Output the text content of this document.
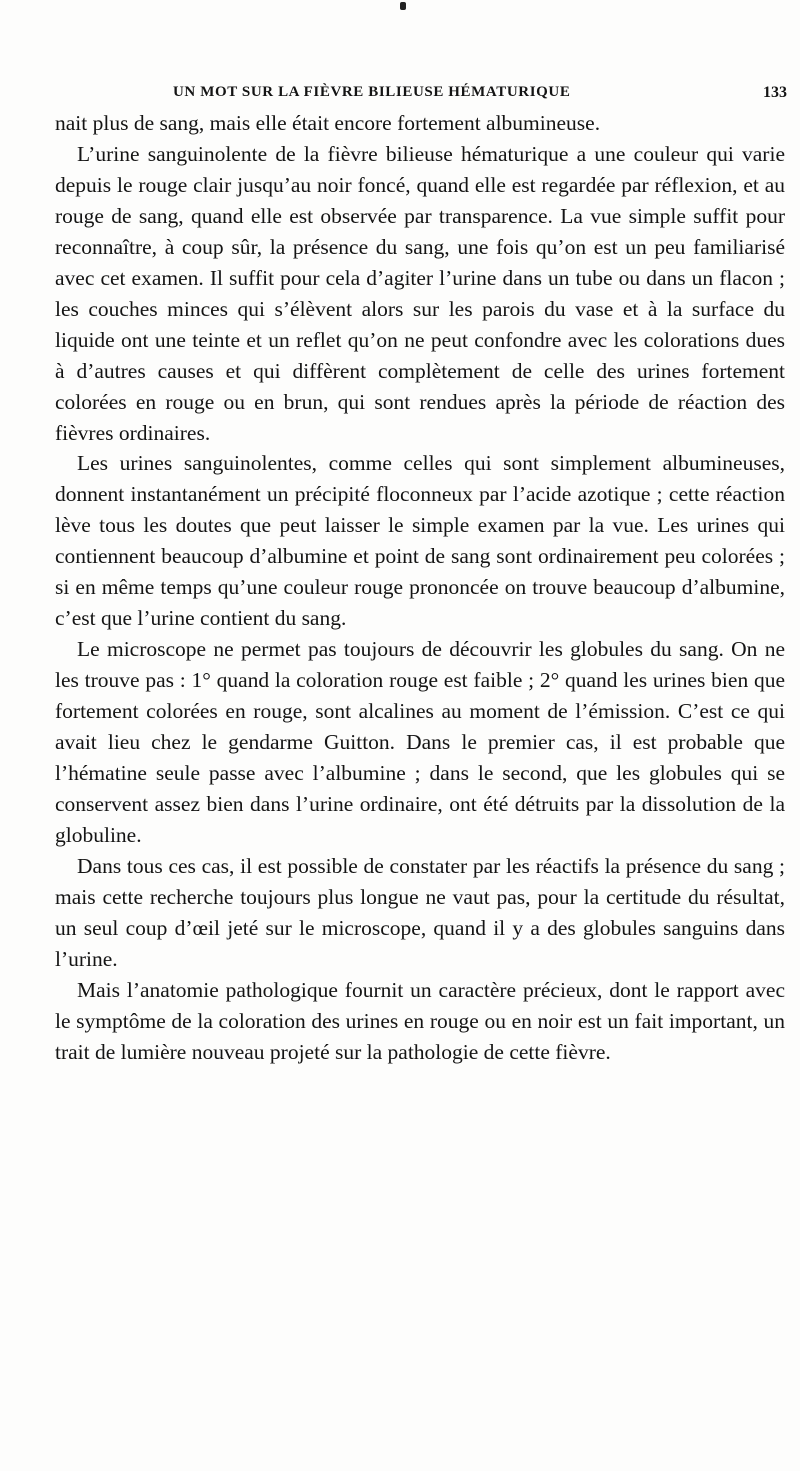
UN MOT SUR LA FIÈVRE BILIEUSE HÉMATURIQUE	133

nait plus de sang, mais elle était encore fortement albumineuse.

L’urine sanguinolente de la fièvre bilieuse hématurique a une couleur qui varie depuis le rouge clair jusqu’au noir foncé, quand elle est regardée par réflexion, et au rouge de sang, quand elle est observée par transparence. La vue simple suffit pour reconnaître, à coup sûr, la présence du sang, une fois qu’on est un peu familiarisé avec cet examen. Il suffit pour cela d’agiter l’urine dans un tube ou dans un flacon ; les couches minces qui s’élèvent alors sur les parois du vase et à la surface du liquide ont une teinte et un reflet qu’on ne peut confondre avec les colorations dues à d’autres causes et qui diffèrent complètement de celle des urines fortement colorées en rouge ou en brun, qui sont rendues après la période de réaction des fièvres ordinaires.

Les urines sanguinolentes, comme celles qui sont simplement albumineuses, donnent instantanément un précipité floconneux par l’acide azotique ; cette réaction lève tous les doutes que peut laisser le simple examen par la vue. Les urines qui contiennent beaucoup d’albumine et point de sang sont ordinairement peu colorées ; si en même temps qu’une couleur rouge prononcée on trouve beaucoup d’albumine, c’est que l’urine contient du sang.

Le microscope ne permet pas toujours de découvrir les globules du sang. On ne les trouve pas : 1° quand la coloration rouge est faible ; 2° quand les urines bien que fortement colorées en rouge, sont alcalines au moment de l’émission. C’est ce qui avait lieu chez le gendarme Guitton. Dans le premier cas, il est probable que l’hématine seule passe avec l’albumine ; dans le second, que les globules qui se conservent assez bien dans l’urine ordinaire, ont été détruits par la dissolution de la globuline.

Dans tous ces cas, il est possible de constater par les réactifs la présence du sang ; mais cette recherche toujours plus longue ne vaut pas, pour la certitude du résultat, un seul coup d’œil jeté sur le microscope, quand il y a des globules sanguins dans l’urine.

Mais l’anatomie pathologique fournit un caractère précieux, dont le rapport avec le symptôme de la coloration des urines en rouge ou en noir est un fait important, un trait de lumière nouveau projeté sur la pathologie de cette fièvre.
